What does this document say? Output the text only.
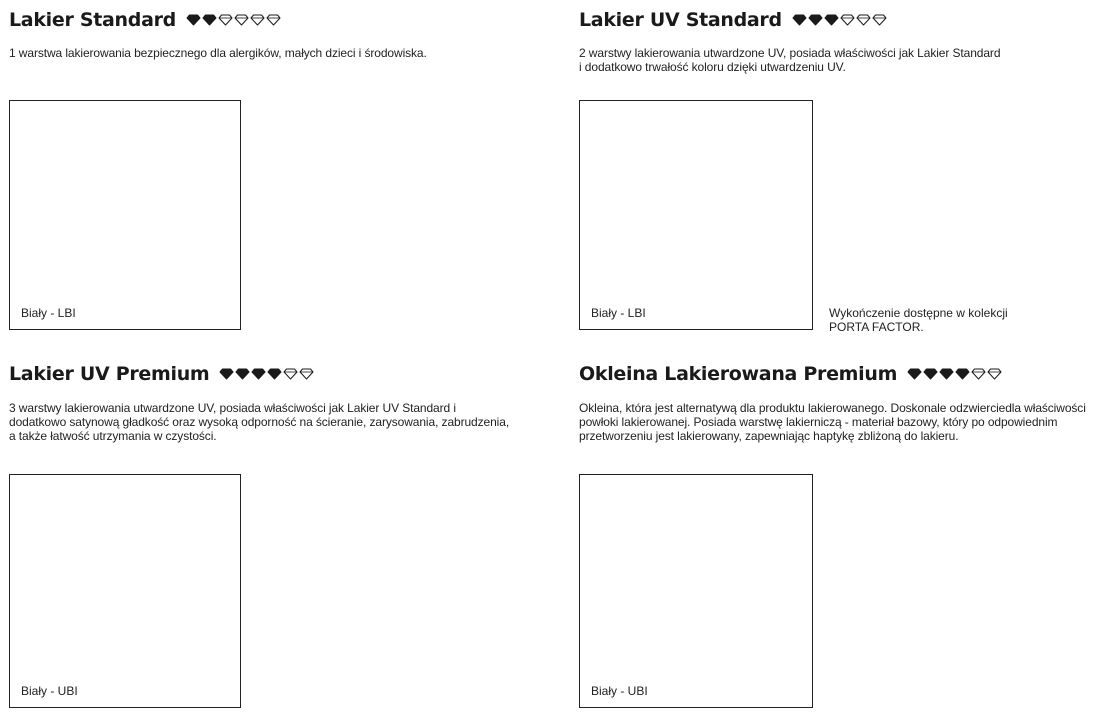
Lakier Standard

1 warstwa lakierowania bezpiecznego dla alergików, małych dzieci i środowiska.

Biały - LBI
Lakier UV Standard

2 warstwy lakierowania utwardzone UV, posiada właściwości jak Lakier Standard i dodatkowo trwałość koloru dzięki utwardzeniu UV.

Biały - LBI	Wykończenie dostępne w kolekcji PORTA FACTOR.
Lakier UV Premium

3 warstwy lakierowania utwardzone UV, posiada właściwości jak Lakier UV Standard i dodatkowo satynową gładkość oraz wysoką odporność na ścieranie, zarysowania, zabrudzenia, a także łatwość utrzymania w czystości.

Biały - UBI
Okleina Lakierowana Premium

Okleina, która jest alternatywą dla produktu lakierowanego. Doskonale odzwierciedla właściwości powłoki lakierowanej. Posiada warstwę lakierniczą - materiał bazowy, który po odpowiednim przetworzeniu jest lakierowany, zapewniając haptykę zbliżoną do lakieru.

Biały - UBI
